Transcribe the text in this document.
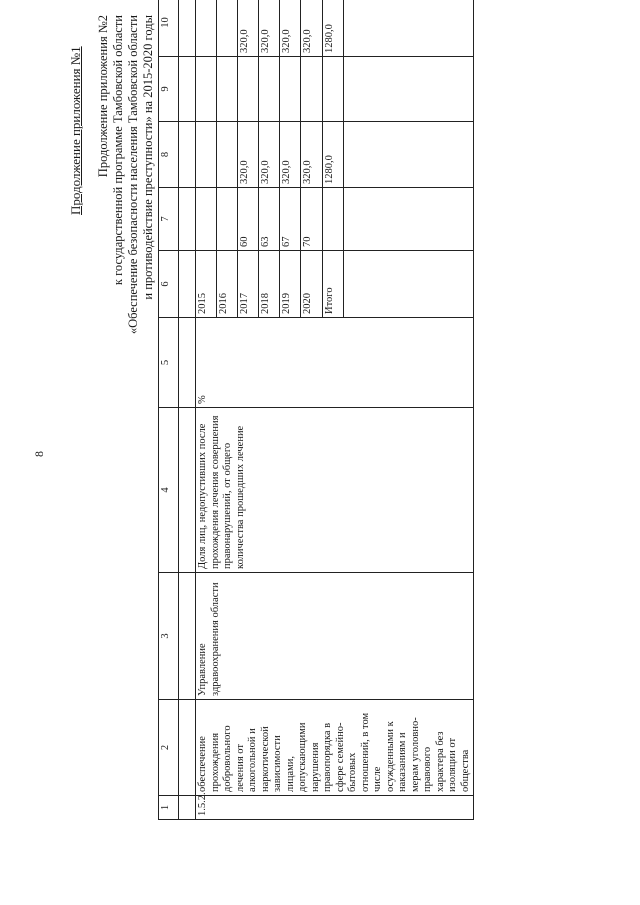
8
Продолжение приложения №1 Продолжение приложения №2 к государственной программе Тамбовской области «Обеспечение безопасности населения Тамбовской области и противодействие преступности» на 2015-2020 годы
1	2	3	4	5	6	7	8	9	10	

1.5.2.	обеспечение прохождения добровольного лечения от алкогольной и наркотической зависимости лицами, допускающими нарушения правопорядка в сфере семейно-бытовых отношений, в том числе осужденными к наказаниям и мерам уголовно-правового характера без изоляции от общества	Управление здравоохранения области	Доля лиц, недопустивших после прохождения лечения совершения правонарушений, от общего количества прошедших лечение	%	2015					
					2016					
					2017	60	320,0		320,0	
					2018	63	320,0		320,0	
					2019	67	320,0		320,0	
					2020	70	320,0		320,0	
					Итого		1280,0		1280,0	
